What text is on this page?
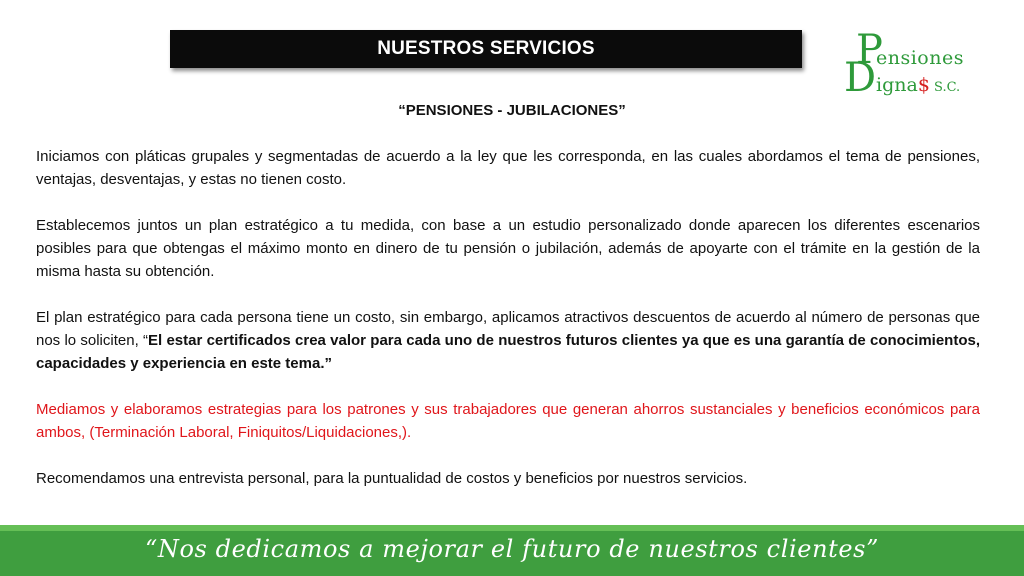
NUESTROS SERVICIOS	P
ensiones
D igna$ S.C.
“PENSIONES - JUBILACIONES”

Iniciamos con pláticas grupales y segmentadas de acuerdo a la ley que les corresponda, en las cuales abordamos el tema de pensiones, ventajas, desventajas, y estas no tienen costo.

Establecemos juntos un plan estratégico a tu medida, con base a un estudio personalizado donde aparecen los diferentes escenarios posibles para que obtengas el máximo monto en dinero de tu pensión o jubilación, además de apoyarte con el trámite en la gestión de la misma hasta su obtención.

El plan estratégico para cada persona tiene un costo, sin embargo, aplicamos atractivos descuentos de acuerdo al número de personas que nos lo soliciten, “El estar certificados crea valor para cada uno de nuestros futuros clientes ya que es una garantía de conocimientos, capacidades y experiencia en este tema.”

Mediamos y elaboramos estrategias para los patrones y sus trabajadores que generan ahorros sustanciales y beneficios económicos para ambos, (Terminación Laboral, Finiquitos/Liquidaciones,).

Recomendamos una entrevista personal, para la puntualidad de costos y beneficios por nuestros servicios.

“Nos dedicamos a mejorar el futuro de nuestros clientes”
